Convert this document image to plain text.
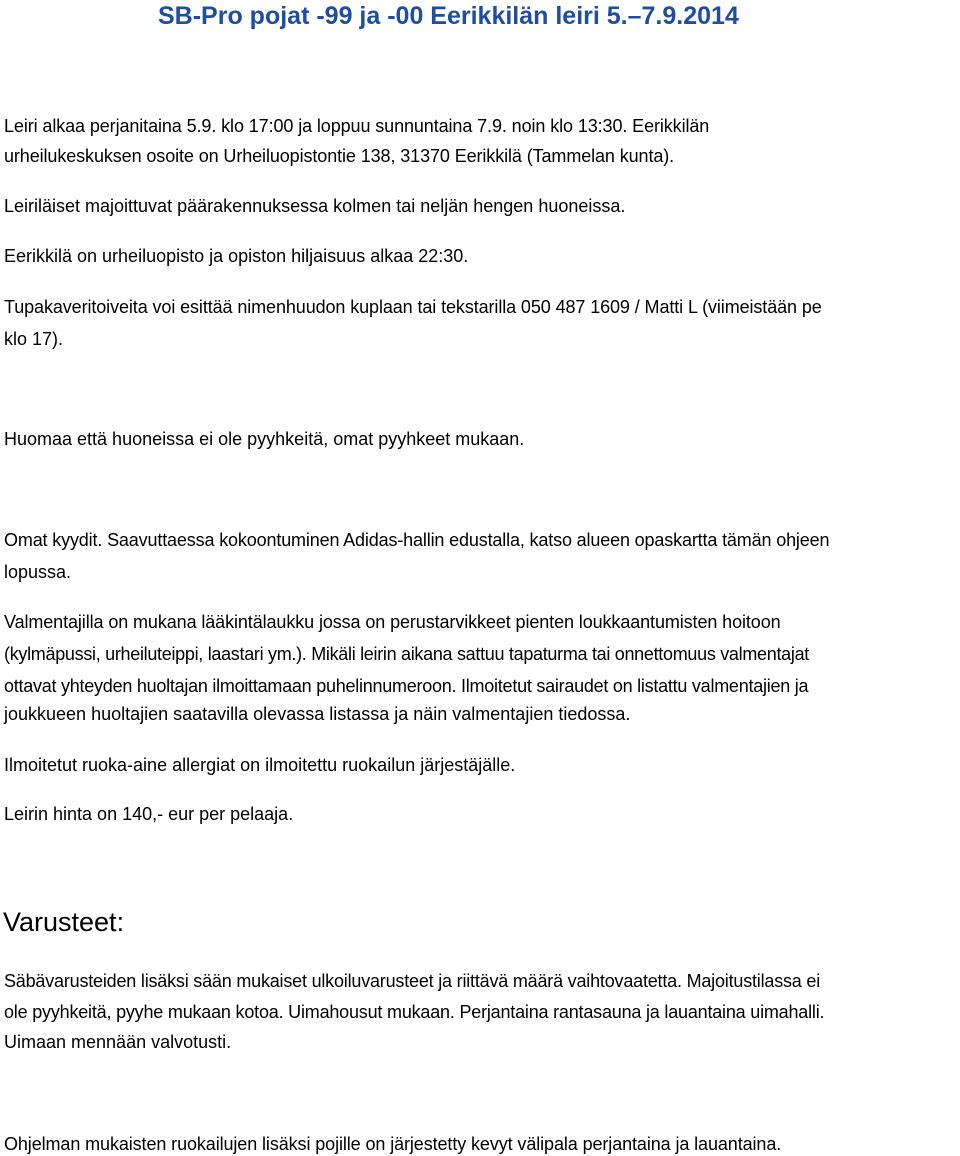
SB-Pro pojat -99 ja -00 Eerikkilän leiri 5.–7.9.2014
Leiri alkaa perjanitaina 5.9. klo 17:00 ja loppuu sunnuntaina 7.9. noin klo 13:30. Eerikkilän
urheilukeskuksen osoite on Urheiluopistontie 138, 31370 Eerikkilä (Tammelan kunta).
Leiriläiset majoittuvat päärakennuksessa kolmen tai neljän hengen huoneissa.
Eerikkilä on urheiluopisto ja opiston hiljaisuus alkaa 22:30.
Tupakaveritoiveita voi esittää nimenhuudon kuplaan tai tekstarilla 050 487 1609 / Matti L (viimeistään pe
klo 17).
Huomaa että huoneissa ei ole pyyhkeitä, omat pyyhkeet mukaan.
Omat kyydit. Saavuttaessa kokoontuminen Adidas-hallin edustalla, katso alueen opaskartta tämän ohjeen
lopussa.
Valmentajilla on mukana lääkintälaukku jossa on perustarvikkeet pienten loukkaantumisten hoitoon
(kylmäpussi, urheiluteippi, laastari ym.). Mikäli leirin aikana sattuu tapaturma tai onnettomuus valmentajat
ottavat yhteyden huoltajan ilmoittamaan puhelinnumeroon. Ilmoitetut sairaudet on listattu valmentajien ja
joukkueen huoltajien saatavilla olevassa listassa ja näin valmentajien tiedossa.
Ilmoitetut ruoka-aine allergiat on ilmoitettu ruokailun järjestäjälle.
Leirin hinta on 140,- eur per pelaaja.
Varusteet:
Säbävarusteiden lisäksi sään mukaiset ulkoiluvarusteet ja riittävä määrä vaihtovaatetta. Majoitustilassa ei
ole pyyhkeitä, pyyhe mukaan kotoa. Uimahousut mukaan. Perjantaina rantasauna ja lauantaina uimahalli.
Uimaan mennään valvotusti.
Ohjelman mukaisten ruokailujen lisäksi pojille on järjestetty kevyt välipala perjantaina ja lauantaina.
